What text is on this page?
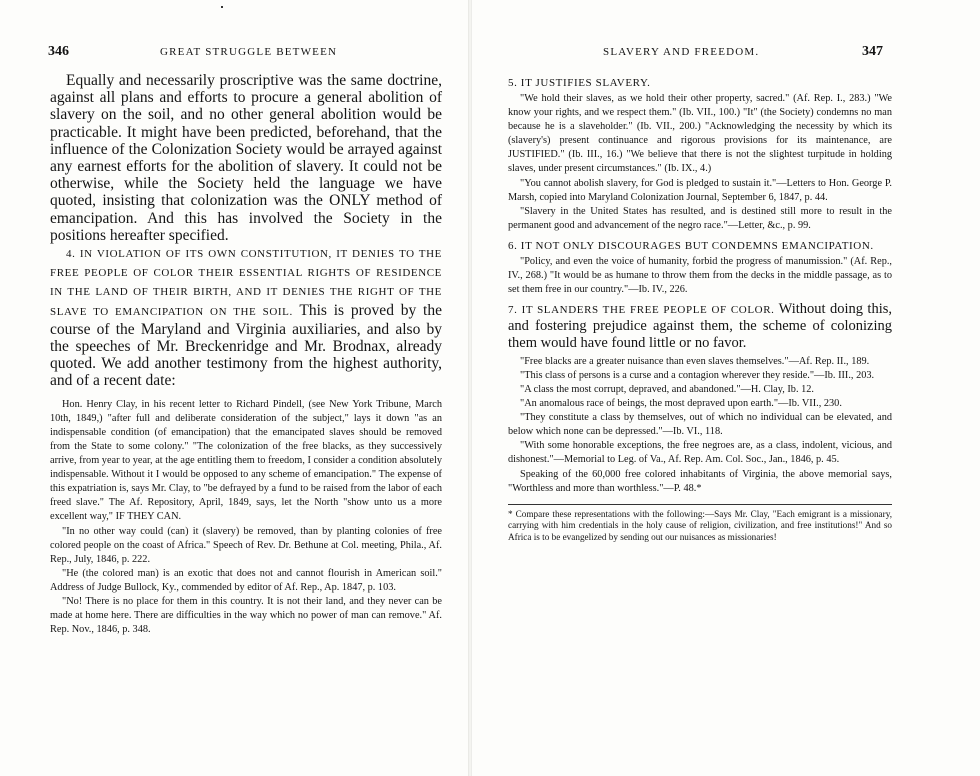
346	GREAT STRUGGLE BETWEEN

Equally and necessarily proscriptive was the same doctrine, against all plans and efforts to procure a general abolition of slavery on the soil, and no other general abolition would be practicable. It might have been predicted, beforehand, that the influence of the Colonization Society would be arrayed against any earnest efforts for the abolition of slavery. It could not be otherwise, while the Society held the language we have quoted, insisting that colonization was the ONLY method of emancipation. And this has involved the Society in the positions hereafter specified.

4. IN VIOLATION OF ITS OWN CONSTITUTION, IT DENIES TO THE FREE PEOPLE OF COLOR THEIR ESSENTIAL RIGHTS OF RESIDENCE IN THE LAND OF THEIR BIRTH, AND IT DENIES THE RIGHT OF THE SLAVE TO EMANCIPATION ON THE SOIL. This is proved by the course of the Maryland and Virginia auxiliaries, and also by the speeches of Mr. Breckenridge and Mr. Brodnax, already quoted. We add another testimony from the highest authority, and of a recent date:

Hon. Henry Clay, in his recent letter to Richard Pindell, (see New York Tribune, March 10th, 1849,) "after full and deliberate consideration of the subject," lays it down "as an indispensable condition (of emancipation) that the emancipated slaves should be removed from the State to some colony." "The colonization of the free blacks, as they successively arrive, from year to year, at the age entitling them to freedom, I consider a condition absolutely indispensable. Without it I would be opposed to any scheme of emancipation." The expense of this expatriation is, says Mr. Clay, to "be defrayed by a fund to be raised from the labor of each freed slave." The Af. Repository, April, 1849, says, let the North "show unto us a more excellent way," IF THEY CAN.

"In no other way could (can) it (slavery) be removed, than by planting colonies of free colored people on the coast of Africa." Speech of Rev. Dr. Bethune at Col. meeting, Phila., Af. Rep., July, 1846, p. 222.

"He (the colored man) is an exotic that does not and cannot flourish in American soil." Address of Judge Bullock, Ky., commended by editor of Af. Rep., Ap. 1847, p. 103.

"No! There is no place for them in this country. It is not their land, and they never can be made at home here. There are difficulties in the way which no power of man can remove." Af. Rep. Nov., 1846, p. 348.

SLAVERY AND FREEDOM.	347

5. IT JUSTIFIES SLAVERY.

"We hold their slaves, as we hold their other property, sacred." (Af. Rep. I., 283.) "We know your rights, and we respect them." (Ib. VII., 100.) "It" (the Society) condemns no man because he is a slaveholder." (Ib. VII., 200.) "Acknowledging the necessity by which its (slavery's) present continuance and rigorous provisions for its maintenance, are JUSTIFIED." (Ib. III., 16.) "We believe that there is not the slightest turpitude in holding slaves, under present circumstances." (Ib. IX., 4.)

"You cannot abolish slavery, for God is pledged to sustain it."—Letters to Hon. George P. Marsh, copied into Maryland Colonization Journal, September 6, 1847, p. 44.

"Slavery in the United States has resulted, and is destined still more to result in the permanent good and advancement of the negro race."—Letter, &c., p. 99.

6. IT NOT ONLY DISCOURAGES BUT CONDEMNS EMANCIPATION.

"Policy, and even the voice of humanity, forbid the progress of manumission." (Af. Rep., IV., 268.) "It would be as humane to throw them from the decks in the middle passage, as to set them free in our country."—Ib. IV., 226.

7. IT SLANDERS THE FREE PEOPLE OF COLOR. Without doing this, and fostering prejudice against them, the scheme of colonizing them would have found little or no favor.

"Free blacks are a greater nuisance than even slaves themselves."—Af. Rep. II., 189.

"This class of persons is a curse and a contagion wherever they reside."—Ib. III., 203.

"A class the most corrupt, depraved, and abandoned."—H. Clay, Ib. 12.

"An anomalous race of beings, the most depraved upon earth."—Ib. VII., 230.

"They constitute a class by themselves, out of which no individual can be elevated, and below which none can be depressed."—Ib. VI., 118.

"With some honorable exceptions, the free negroes are, as a class, indolent, vicious, and dishonest."—Memorial to Leg. of Va., Af. Rep. Am. Col. Soc., Jan., 1846, p. 45.

Speaking of the 60,000 free colored inhabitants of Virginia, the above memorial says, "Worthless and more than worthless."—P. 48.*

* Compare these representations with the following:—Says Mr. Clay, "Each emigrant is a missionary, carrying with him credentials in the holy cause of religion, civilization, and free institutions!" And so Africa is to be evangelized by sending out our nuisances as missionaries!
